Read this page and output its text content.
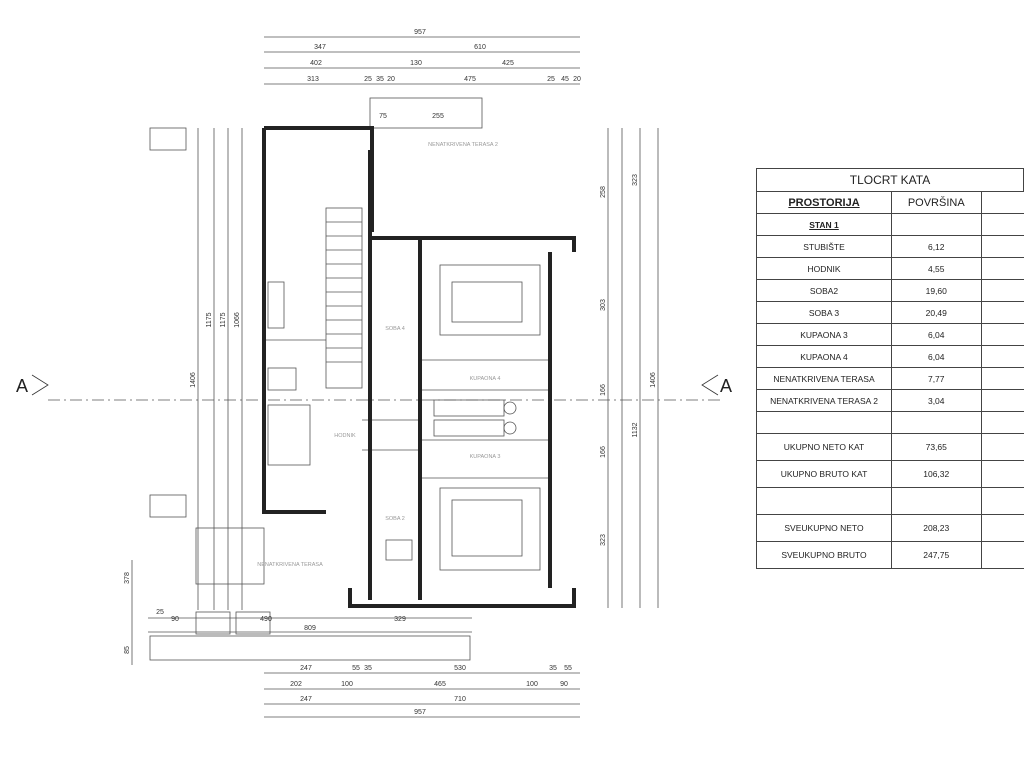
A	A
957
347	610
402	130	425
313	25 35 20	475	25 45 20
75	255
247	55 35	530	35 55
202	100	465	100	90
247	710
957
1406
1175 1175 1066
378
85
25
90	490
809
329
1406
1132
323
258
303
166
166
323
SOBA 4
KUPAONA 4
HODNIK
KUPAONA 3
SOBA 2
NENATKRIVENA TERASA
NENATKRIVENA TERASA 2
TLOCRT KATA		
PROSTORIJA	POVRŠINA	
STAN 1		
STUBIŠTE	6,12	
HODNIK	4,55	
SOBA2	19,60	
SOBA 3	20,49	
KUPAONA 3	6,04	
KUPAONA 4	6,04	
NENATKRIVENA TERASA	7,77	
NENATKRIVENA TERASA 2	3,04	

UKUPNO NETO KAT	73,65	
UKUPNO BRUTO KAT	106,32	

SVEUKUPNO NETO	208,23	
SVEUKUPNO BRUTO	247,75	
